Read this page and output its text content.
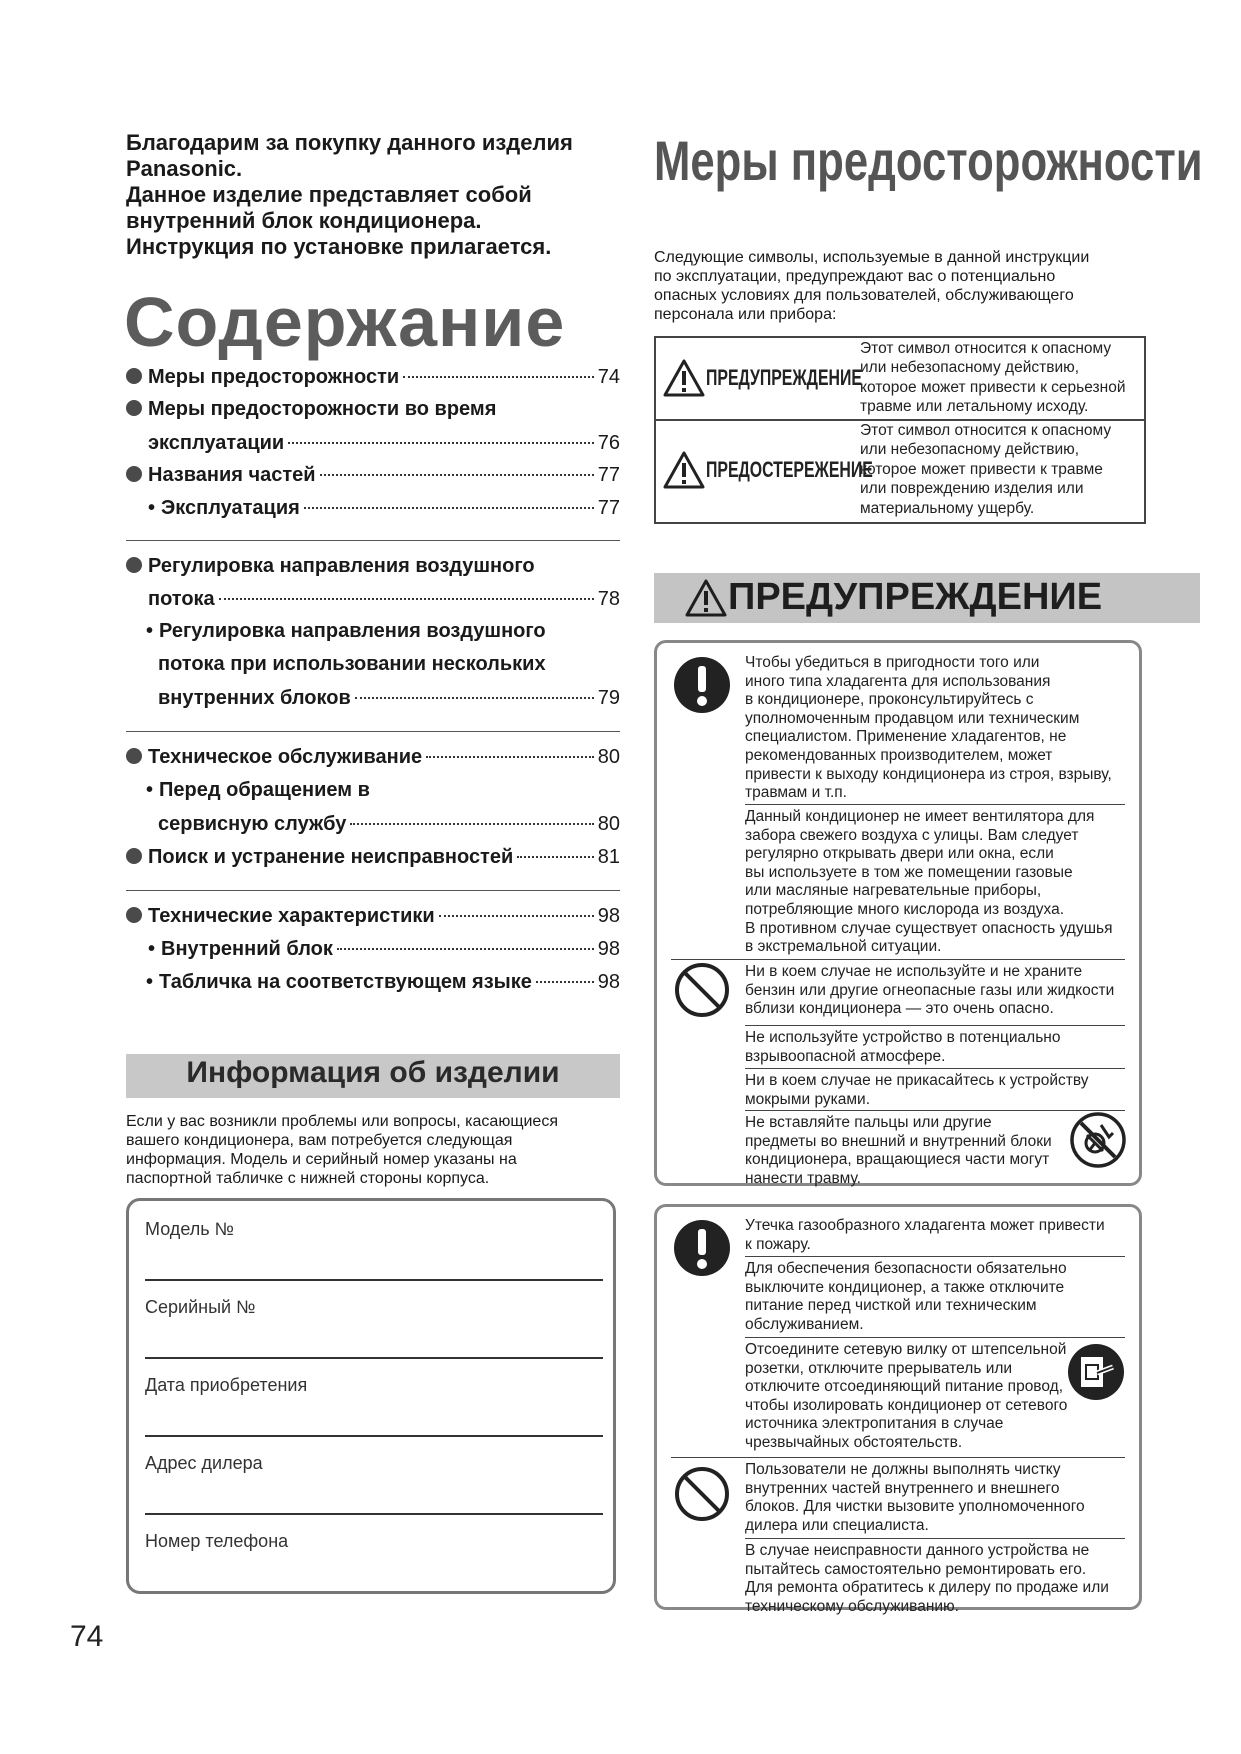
Благодарим за покупку данного изделия
Panasonic.
Данное изделие представляет собой
внутренний блок кондиционера.
Инструкция по установке прилагается.
Содержание
Меры предосторожности	74
Меры предосторожности во время
эксплуатации	76
Названия частей	77
• Эксплуатация	77
Регулировка направления воздушного
потока	78
• Регулировка направления воздушного
потока при использовании нескольких
внутренних блоков	79
Техническое обслуживание	80
• Перед обращением в
сервисную службу	80
Поиск и устранение неисправностей	81
Технические характеристики	98
• Внутренний блок	98
• Табличка на соответствующем языке	98
Информация об изделии
Если у вас возникли проблемы или вопросы, касающиеся
вашего кондиционера, вам потребуется следующая
информация. Модель и серийный номер указаны на
паспортной табличке с нижней стороны корпуса.
Модель №
Серийный №
Дата приобретения
Адрес дилера
Номер телефона
74
Меры предосторожности
Следующие символы, используемые в данной инструкции
по эксплуатации, предупреждают вас о потенциально
опасных условиях для пользователей, обслуживающего
персонала или прибора:
ПРЕДУПРЕЖДЕНИЕ
Этот символ относится к опасному
или небезопасному действию,
которое может привести к серьезной
травме или летальному исходу.
ПРЕДОСТЕРЕЖЕНИЕ
Этот символ относится к опасному
или небезопасному действию,
которое может привести к травме
или повреждению изделия или
материальному ущербу.
ПРЕДУПРЕЖДЕНИЕ
Чтобы убедиться в пригодности того или
иного типа хладагента для использования
в кондиционере, проконсультируйтесь с
уполномоченным продавцом или техническим
специалистом. Применение хладагентов, не
рекомендованных производителем, может
привести к выходу кондиционера из строя, взрыву,
травмам и т.п.
Данный кондиционер не имеет вентилятора для
забора свежего воздуха с улицы. Вам следует
регулярно открывать двери или окна, если
вы используете в том же помещении газовые
или масляные нагревательные приборы,
потребляющие много кислорода из воздуха.
В противном случае существует опасность удушья
в экстремальной ситуации.
Ни в коем случае не используйте и не храните
бензин или другие огнеопасные газы или жидкости
вблизи кондиционера — это очень опасно.
Не используйте устройство в потенциально
взрывоопасной атмосфере.
Ни в коем случае не прикасайтесь к устройству
мокрыми руками.
Не вставляйте пальцы или другие
предметы во внешний и внутренний блоки
кондиционера, вращающиеся части могут
нанести травму.
Утечка газообразного хладагента может привести
к пожару.
Для обеспечения безопасности обязательно
выключите кондиционер, а также отключите
питание перед чисткой или техническим
обслуживанием.
Отсоедините сетевую вилку от штепсельной
розетки, отключите прерыватель или
отключите отсоединяющий питание провод,
чтобы изолировать кондиционер от сетевого
источника электропитания в случае
чрезвычайных обстоятельств.
Пользователи не должны выполнять чистку
внутренних частей внутреннего и внешнего
блоков. Для чистки вызовите уполномоченного
дилера или специалиста.
В случае неисправности данного устройства не
пытайтесь самостоятельно ремонтировать его.
Для ремонта обратитесь к дилеру по продаже или
техническому обслуживанию.
